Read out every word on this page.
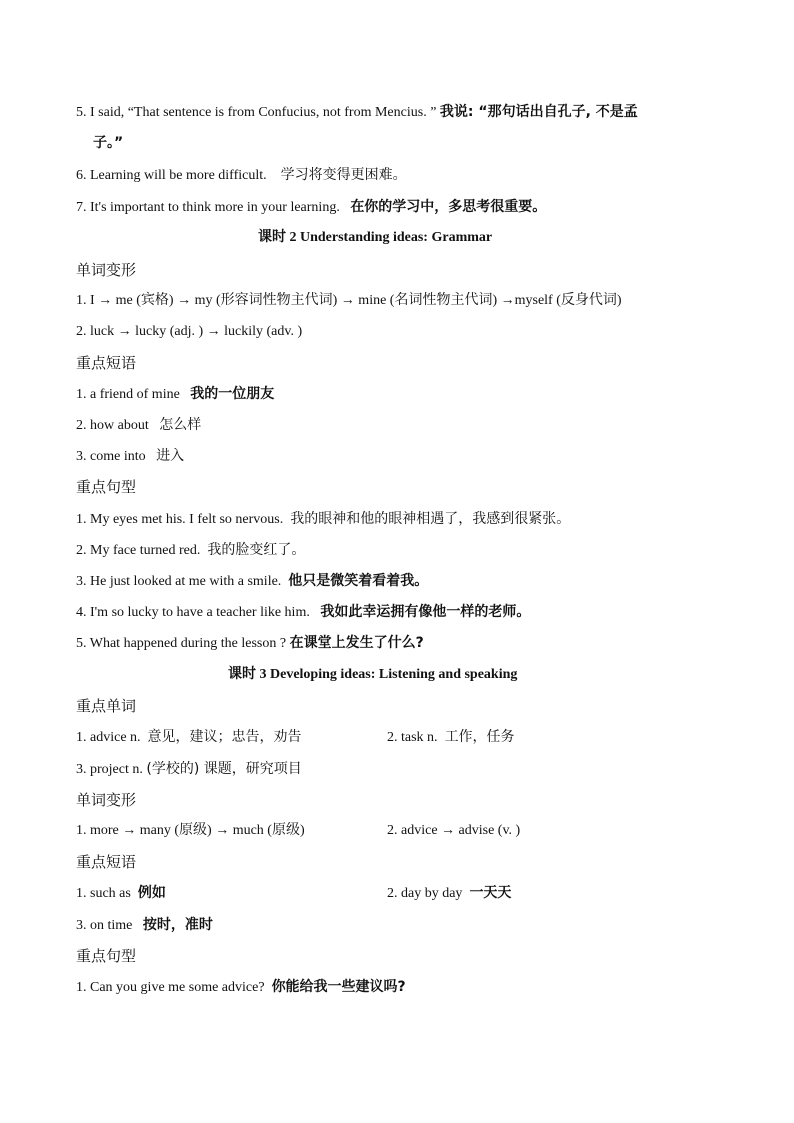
5. I said, “That sentence is from Confucius, not from Mencius. ” 我说: “那句话出自孔子, 不是孟
子。”
6. Learning will be more difficult. 学习将变得更困难。
7. It's important to think more in your learning. 在你的学习中，多思考很重要。
课时 2 Understanding ideas: Grammar
单词变形
1. I → me (宾格) → my (形容词性物主代词) → mine (名词性物主代词) →myself (反身代词)
2. luck → lucky (adj. ) → luckily (adv. )
重点短语
1. a friend of mine 我的一位朋友
2. how about 怎么样
3. come into 进入
重点句型
1. My eyes met his. I felt so nervous. 我的眼神和他的眼神相遇了，我感到很紧张。
2. My face turned red. 我的脸变红了。
3. He just looked at me with a smile. 他只是微笑着看着我。
4. I'm so lucky to have a teacher like him. 我如此幸运拥有像他一样的老师。
5. What happened during the lesson ? 在课堂上发生了什么?
课时 3 Developing ideas: Listening and speaking
重点单词
1. advice n. 意见，建议；忠告，劝告	2. task n. 工作，任务
3. project n. (学校的) 课题，研究项目
单词变形
1. more → many (原级) → much (原级)	2. advice → advise (v. )
重点短语
1. such as 例如	2. day by day 一天天
3. on time 按时，准时
重点句型
1. Can you give me some advice? 你能给我一些建议吗?
